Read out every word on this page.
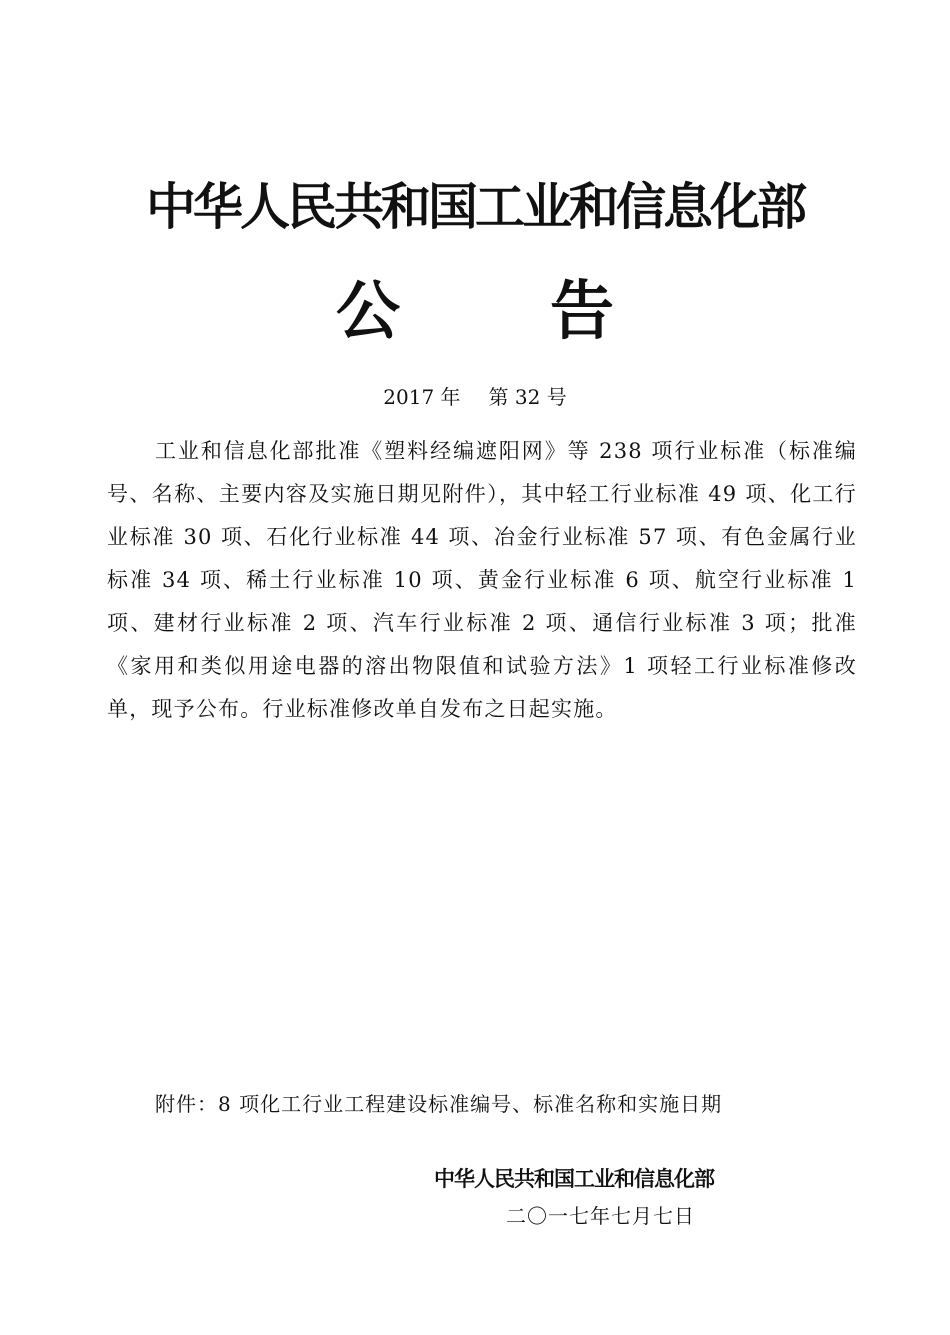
中华人民共和国工业和信息化部
公 告
2017 年 第 32 号

工业和信息化部批准《塑料经编遮阳网》等 238 项行业标准（标准编号、名称、主要内容及实施日期见附件），其中轻工行业标准 49 项、化工行业标准 30 项、石化行业标准 44 项、冶金行业标准 57 项、有色金属行业标准 34 项、稀土行业标准 10 项、黄金行业标准 6 项、航空行业标准 1 项、建材行业标准 2 项、汽车行业标准 2 项、通信行业标准 3 项；批准《家用和类似用途电器的溶出物限值和试验方法》1 项轻工行业标准修改单，现予公布。行业标准修改单自发布之日起实施。

附件：8 项化工行业工程建设标准编号、标准名称和实施日期
中华人民共和国工业和信息化部
二〇一七年七月七日
